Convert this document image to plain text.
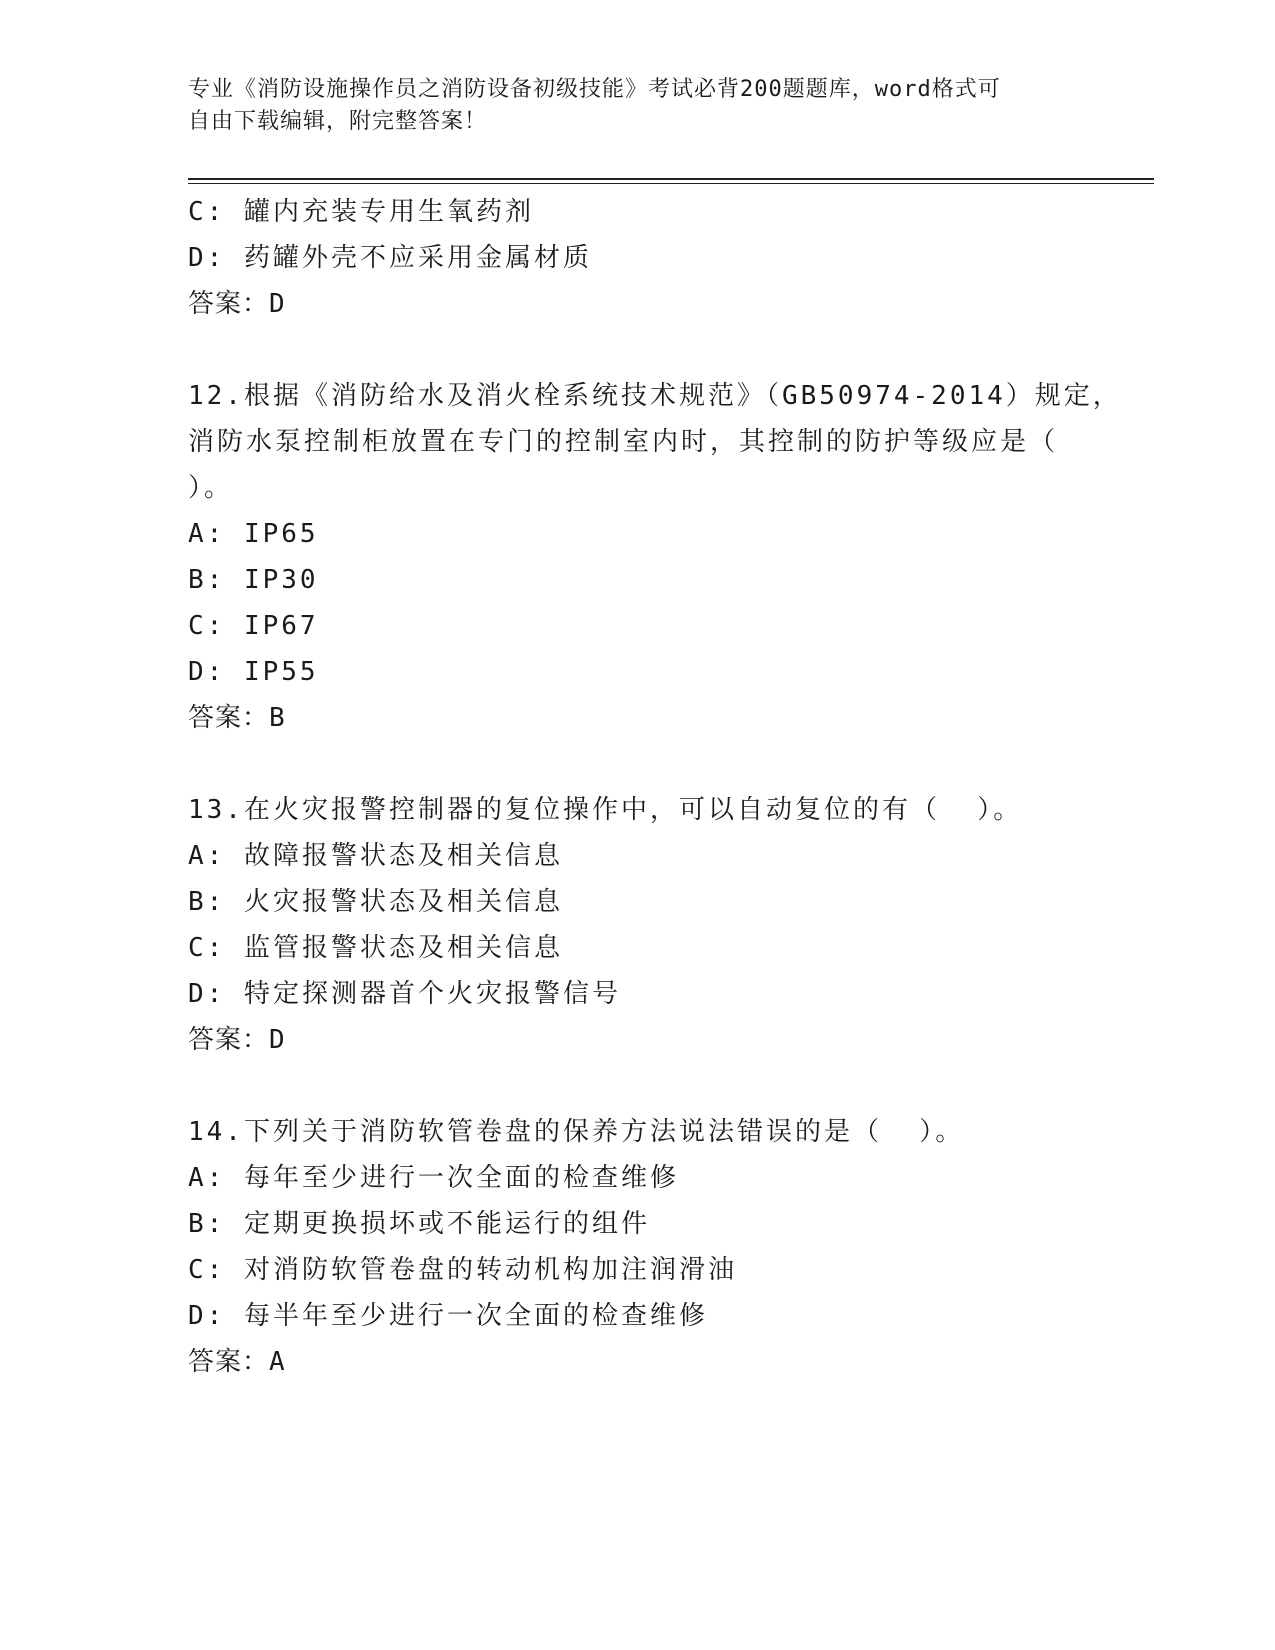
专业《消防设施操作员之消防设备初级技能》考试必背200题题库，word格式可
自由下载编辑，附完整答案！
C: 罐内充装专用生氧药剂
D: 药罐外壳不应采用金属材质
答案：D
12.根据《消防给水及消火栓系统技术规范》（GB50974-2014）规定，
消防水泵控制柜放置在专门的控制室内时，其控制的防护等级应是（
）。
A: IP65
B: IP30
C: IP67
D: IP55
答案：B
13.在火灾报警控制器的复位操作中，可以自动复位的有（  ）。
A: 故障报警状态及相关信息
B: 火灾报警状态及相关信息
C: 监管报警状态及相关信息
D: 特定探测器首个火灾报警信号
答案：D
14.下列关于消防软管卷盘的保养方法说法错误的是（  ）。
A: 每年至少进行一次全面的检查维修
B: 定期更换损坏或不能运行的组件
C: 对消防软管卷盘的转动机构加注润滑油
D: 每半年至少进行一次全面的检查维修
答案：A
